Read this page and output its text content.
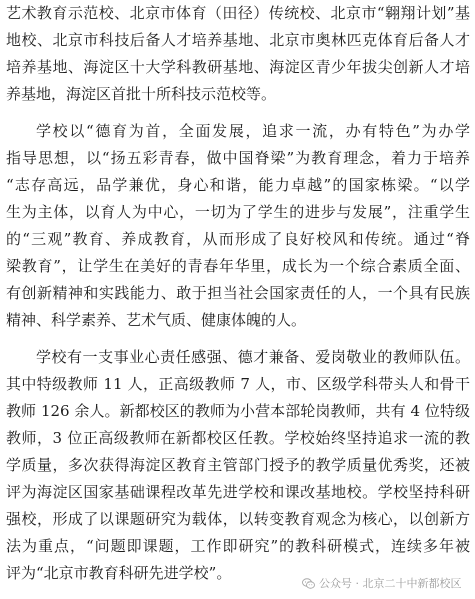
艺术教育示范校、北京市体育（田径）传统校、北京市“翱翔计划”基
地校、北京市科技后备人才培养基地、北京市奥林匹克体育后备人才
培养基地、海淀区十大学科教研基地、海淀区青少年拔尖创新人才培
养基地，海淀区首批十所科技示范校等。
学校以“德育为首，全面发展，追求一流，办有特色”为办学
指导思想，以“扬五彩青春，做中国脊梁”为教育理念，着力于培养
“志存高远，品学兼优，身心和谐，能力卓越”的国家栋梁。“以学
生为主体，以育人为中心，一切为了学生的进步与发展”，注重学生
的“三观”教育、养成教育，从而形成了良好校风和传统。通过“脊
梁教育”，让学生在美好的青春年华里，成长为一个综合素质全面、
有创新精神和实践能力、敢于担当社会国家责任的人，一个具有民族
精神、科学素养、艺术气质、健康体魄的人。
学校有一支事业心责任感强、德才兼备、爱岗敬业的教师队伍。
其中特级教师 11 人，正高级教师 7 人，市、区级学科带头人和骨干
教师 126 余人。新都校区的教师为小营本部轮岗教师，共有 4 位特级
教师，3 位正高级教师在新都校区任教。学校始终坚持追求一流的教
学质量，多次获得海淀区教育主管部门授予的教学质量优秀奖，还被
评为海淀区国家基础课程改革先进学校和课改基地校。学校坚持科研
强校，形成了以课题研究为载体，以转变教育观念为核心，以创新方
法为重点，“问题即课题，工作即研究”的教科研模式，连续多年被
评为“北京市教育科研先进学校”。
公众号 · 北京二十中新都校区
